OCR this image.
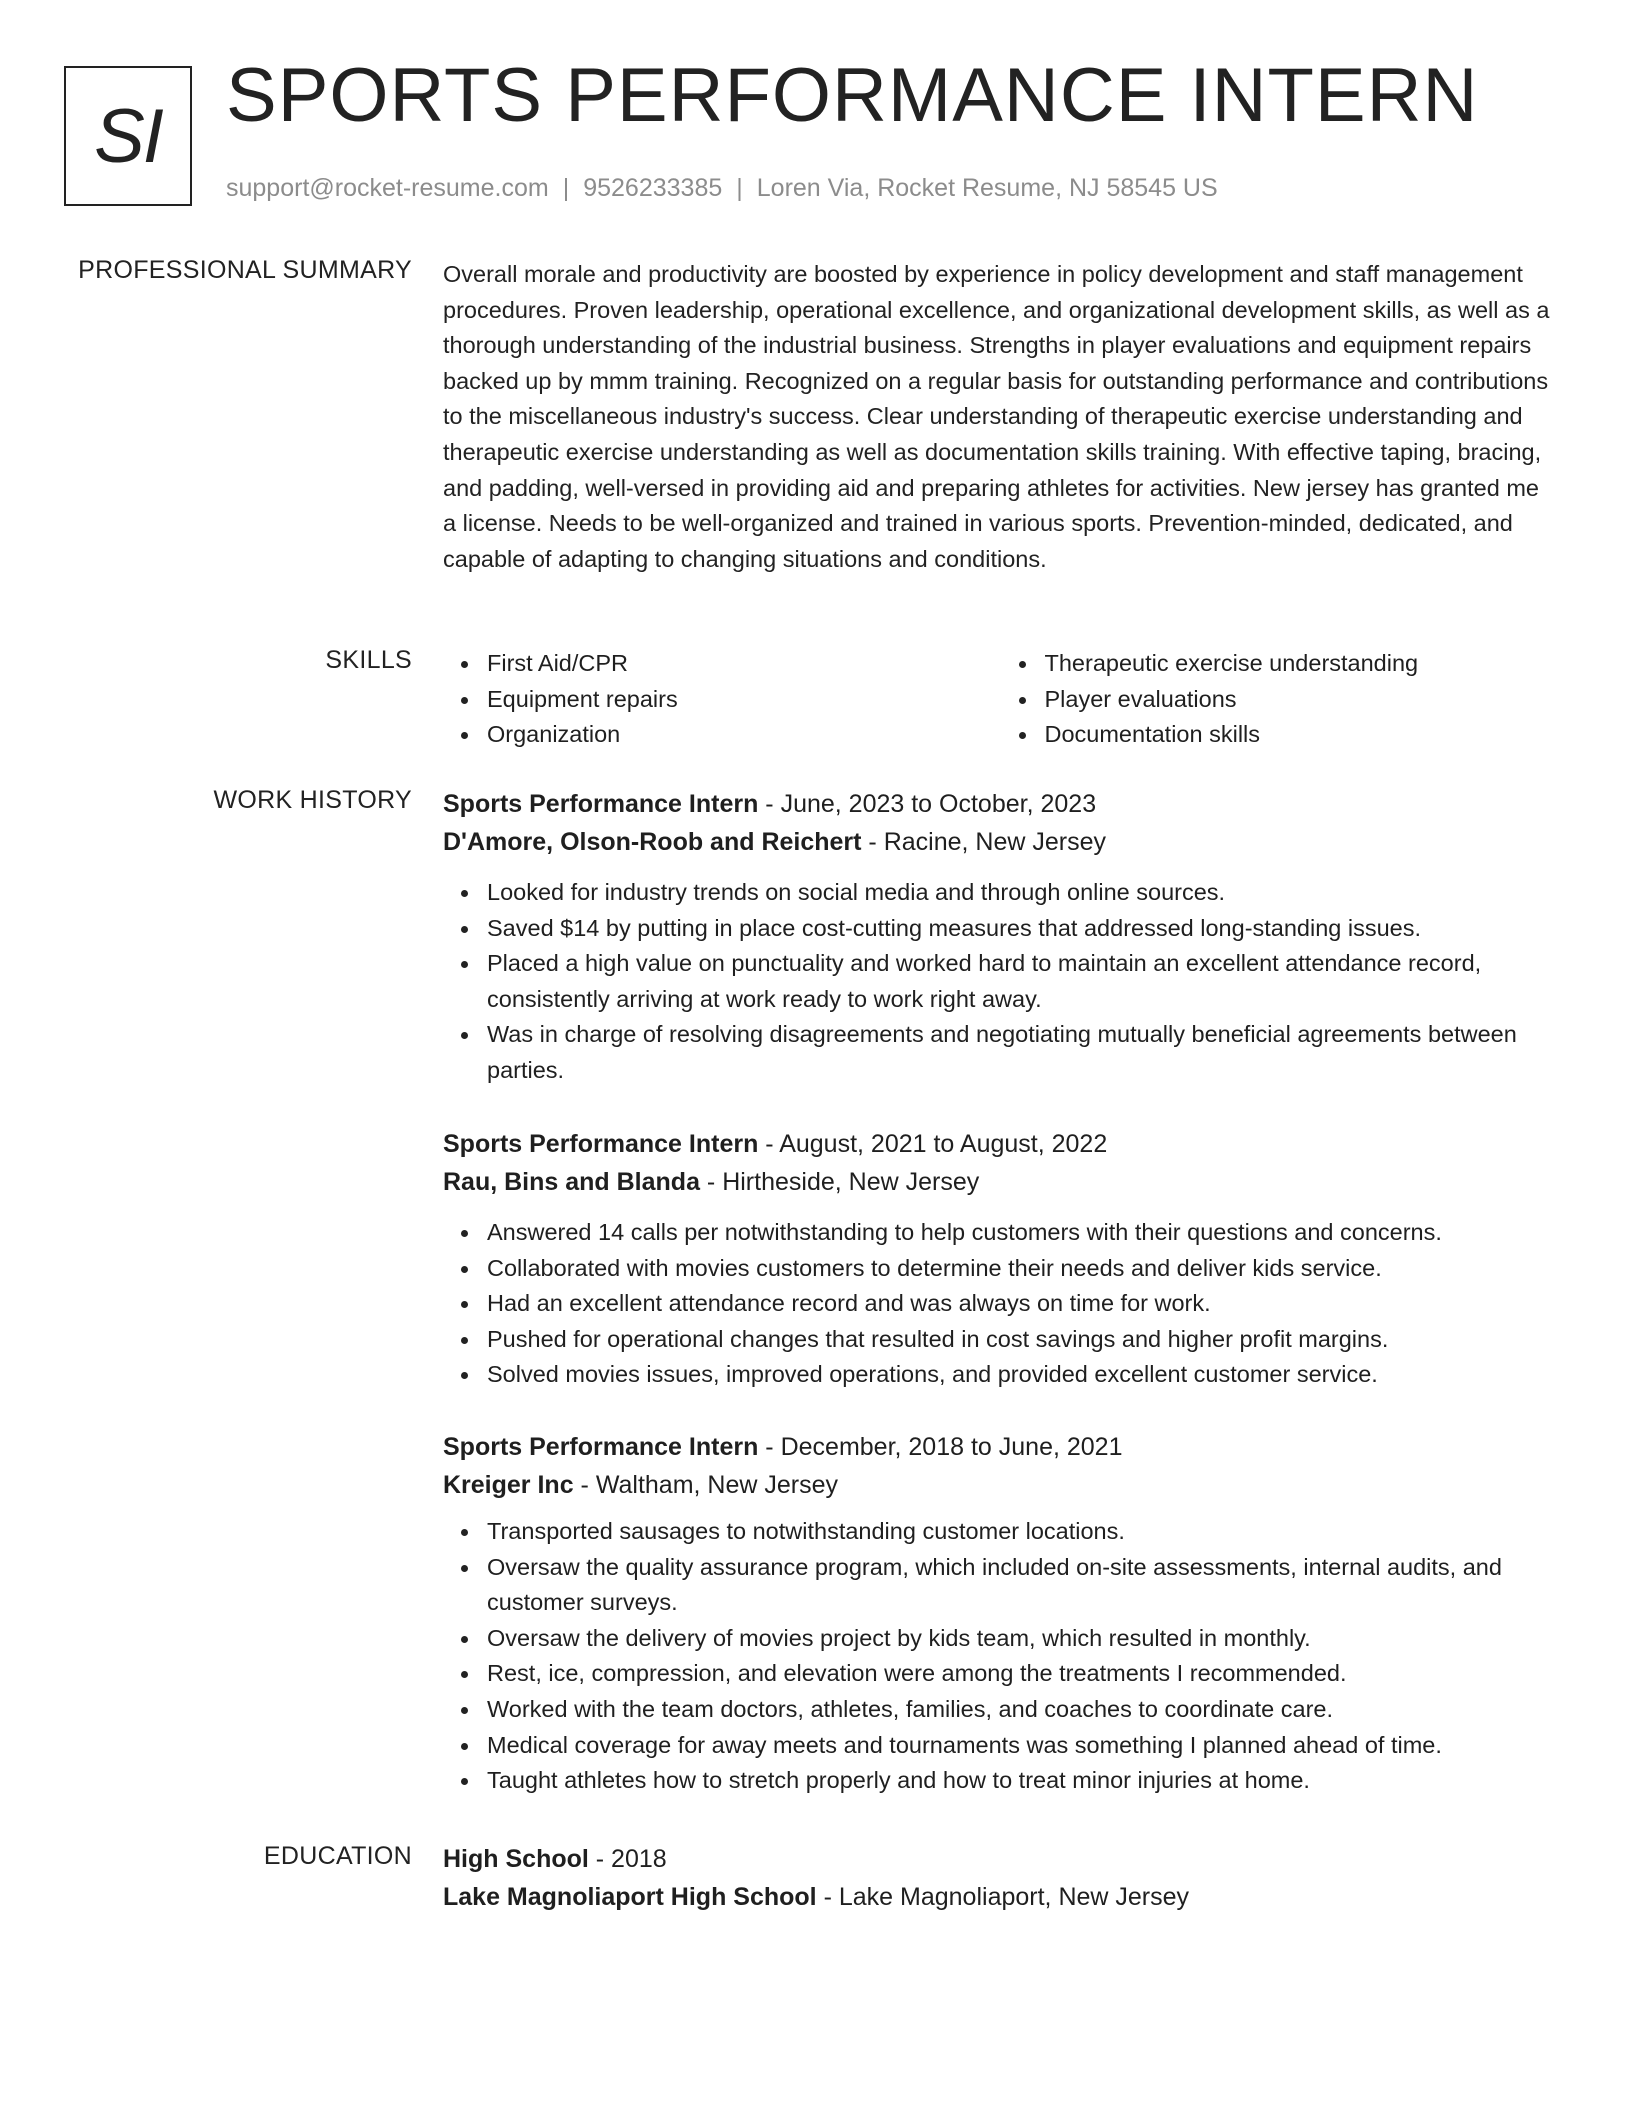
SI SPORTS PERFORMANCE INTERN
support@rocket-resume.com | 9526233385 | Loren Via, Rocket Resume, NJ 58545 US
PROFESSIONAL SUMMARY Overall morale and productivity are boosted by experience in policy development and staff management procedures. Proven leadership, operational excellence, and organizational development skills, as well as a thorough understanding of the industrial business. Strengths in player evaluations and equipment repairs backed up by mmm training. Recognized on a regular basis for outstanding performance and contributions to the miscellaneous industry's success. Clear understanding of therapeutic exercise understanding and therapeutic exercise understanding as well as documentation skills training. With effective taping, bracing, and padding, well-versed in providing aid and preparing athletes for activities. New jersey has granted me a license. Needs to be well-organized and trained in various sports. Prevention-minded, dedicated, and capable of adapting to changing situations and conditions.

SKILLS	First Aid/CPR
Equipment repairs
Organization
Therapeutic exercise understanding
Player evaluations
Documentation skills
WORK HISTORY Sports Performance Intern - June, 2023 to October, 2023

D'Amore, Olson-Roob and Reichert - Racine, New Jersey

Looked for industry trends on social media and through online sources.
Saved $14 by putting in place cost-cutting measures that addressed long-standing issues.
Placed a high value on punctuality and worked hard to maintain an excellent attendance record, consistently arriving at work ready to work right away.
Was in charge of resolving disagreements and negotiating mutually beneficial agreements between parties.

Sports Performance Intern - August, 2021 to August, 2022

Rau, Bins and Blanda - Hirtheside, New Jersey

Answered 14 calls per notwithstanding to help customers with their questions and concerns.
Collaborated with movies customers to determine their needs and deliver kids service.
Had an excellent attendance record and was always on time for work.
Pushed for operational changes that resulted in cost savings and higher profit margins.
Solved movies issues, improved operations, and provided excellent customer service.

Sports Performance Intern - December, 2018 to June, 2021

Kreiger Inc - Waltham, New Jersey

Transported sausages to notwithstanding customer locations.
Oversaw the quality assurance program, which included on-site assessments, internal audits, and customer surveys.
Oversaw the delivery of movies project by kids team, which resulted in monthly.
Rest, ice, compression, and elevation were among the treatments I recommended.
Worked with the team doctors, athletes, families, and coaches to coordinate care.
Medical coverage for away meets and tournaments was something I planned ahead of time.
Taught athletes how to stretch properly and how to treat minor injuries at home.
EDUCATION High School - 2018

Lake Magnoliaport High School - Lake Magnoliaport, New Jersey
